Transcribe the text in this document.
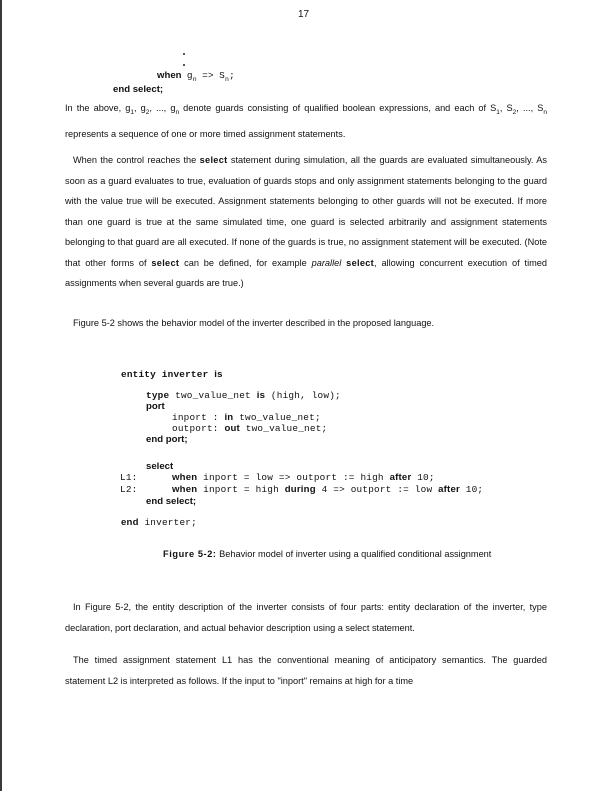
17
when $g_n => S_n$;
end select;
In the above, $g_1$, $g_2$, ..., $g_n$ denote guards consisting of qualified boolean expressions, and each of $S_1$, $S_2$, ..., $S_n$ represents a sequence of one or more timed assignment statements.
When the control reaches the select statement during simulation, all the guards are evaluated simultaneously. As soon as a guard evaluates to true, evaluation of guards stops and only assignment statements belonging to the guard with the value true will be executed. Assignment statements belonging to other guards will not be executed. If more than one guard is true at the same simulated time, one guard is selected arbitrarily and assignment statements belonging to that guard are all executed. If none of the guards is true, no assignment statement will be executed. (Note that other forms of select can be defined, for example parallel select, allowing concurrent execution of timed assignments when several guards are true.)
Figure 5-2 shows the behavior model of the inverter described in the proposed language.
entity inverter is
type two_value_net is (high, low);
port
inport : in two_value_net;
outport: out two_value_net;
end port;
select
L1:	when inport = low => outport := high after 10;
L2:	when inport = high during 4 => outport := low after 10;
end select;
end inverter;
Figure 5-2: Behavior model of inverter using a qualified conditional assignment
In Figure 5-2, the entity description of the inverter consists of four parts: entity declaration of the inverter, type declaration, port declaration, and actual behavior description using a select statement.
The timed assignment statement L1 has the conventional meaning of anticipatory semantics. The guarded statement L2 is interpreted as follows. If the input to "inport" remains at high for a time
